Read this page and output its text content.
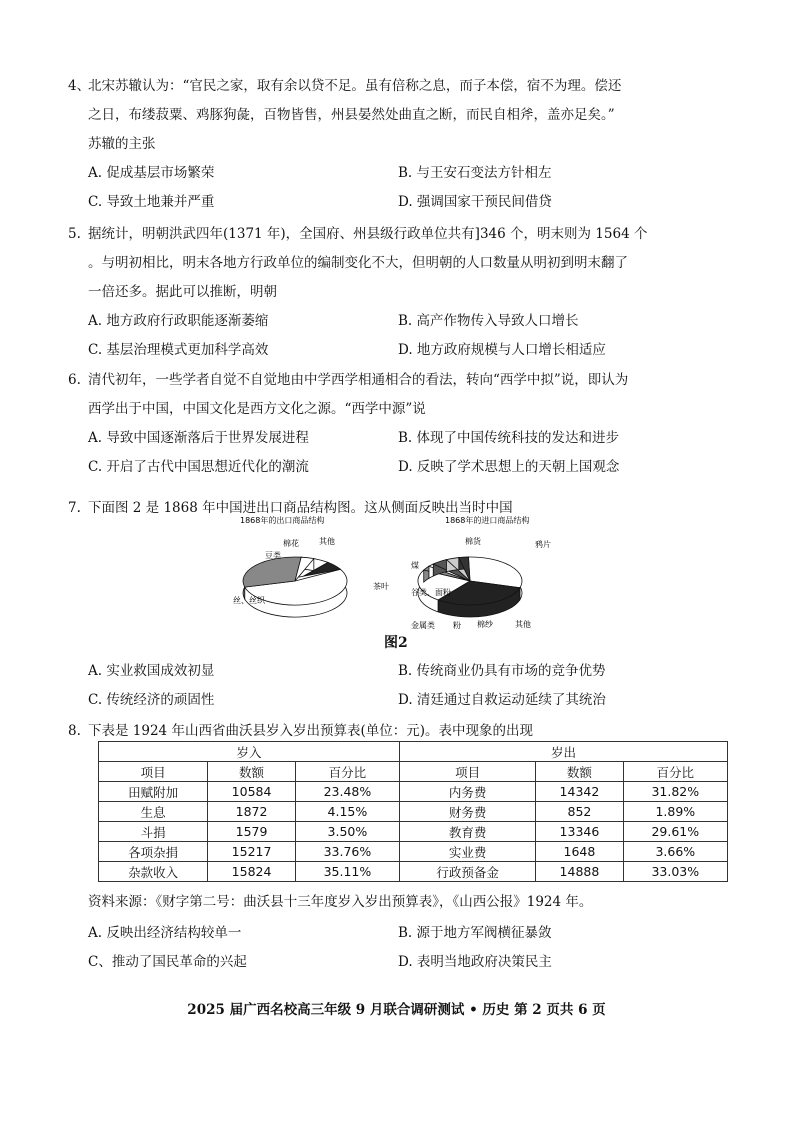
4、北宋苏辙认为：“官民之家，取有余以贷不足。虽有倍称之息，而子本偿，宿不为理。偿还
之日，布缕菽粟、鸡豚狗彘，百物皆售，州县晏然处曲直之断，而民自相斧，盖亦足矣。”
苏辙的主张
A. 促成基层市场繁荣	B. 与王安石变法方针相左
C. 导致土地兼并严重	D. 强调国家干预民间借贷
5. 据统计，明朝洪武四年(1371 年)，全国府、州县级行政单位共有]346 个，明末则为 1564 个
。与明初相比，明末各地方行政单位的编制变化不大，但明朝的人口数量从明初到明末翻了
一倍还多。据此可以推断，明朝
A. 地方政府行政职能逐渐萎缩	B. 高产作物传入导致人口增长
C. 基层治理模式更加科学高效	D. 地方政府规模与人口增长相适应
6. 清代初年，一些学者自觉不自觉地由中学西学相通相合的看法，转向“西学中拟”说，即认为
西学出于中国，中国文化是西方文化之源。“西学中源”说
A. 导致中国逐渐落后于世界发展进程	B. 体现了中国传统科技的发达和进步
C. 开启了古代中国思想近代化的潮流	D. 反映了学术思想上的天朝上国观念
7. 下面图 2 是 1868 年中国进出口商品结构图。这从侧面反映出当时中国
1868年的出口商品结构
棉花	其他
茶叶
丝、丝织
豆类
1868年的进口商品结构
棉货	鸦片
其他
棉纱
粉
金属类
谷类、面粉
煤
图2
A. 实业救国成效初显	B. 传统商业仍具有市场的竞争优势
C. 传统经济的顽固性	D. 清廷通过自救运动延续了其统治
8. 下表是 1924 年山西省曲沃县岁入岁出预算表(单位：元)。表中现象的出现
岁入			岁出		
项目	数额	百分比	项目	数额	百分比
田赋附加	10584	23.48%	内务费	14342	31.82%
生息	1872	4.15%	财务费	852	1.89%
斗捐	1579	3.50%	教育费	13346	29.61%
各项杂捐	15217	33.76%	实业费	1648	3.66%
杂款收入	15824	35.11%	行政预备金	14888	33.03%
资料来源：《财字第二号：曲沃县十三年度岁入岁出预算表》，《山西公报》1924 年。
A. 反映出经济结构较单一	B. 源于地方军阀横征暴敛
C、推动了国民革命的兴起	D. 表明当地政府决策民主
2025 届广西名校高三年级 9 月联合调研测试 • 历史 第 2 页共 6 页
